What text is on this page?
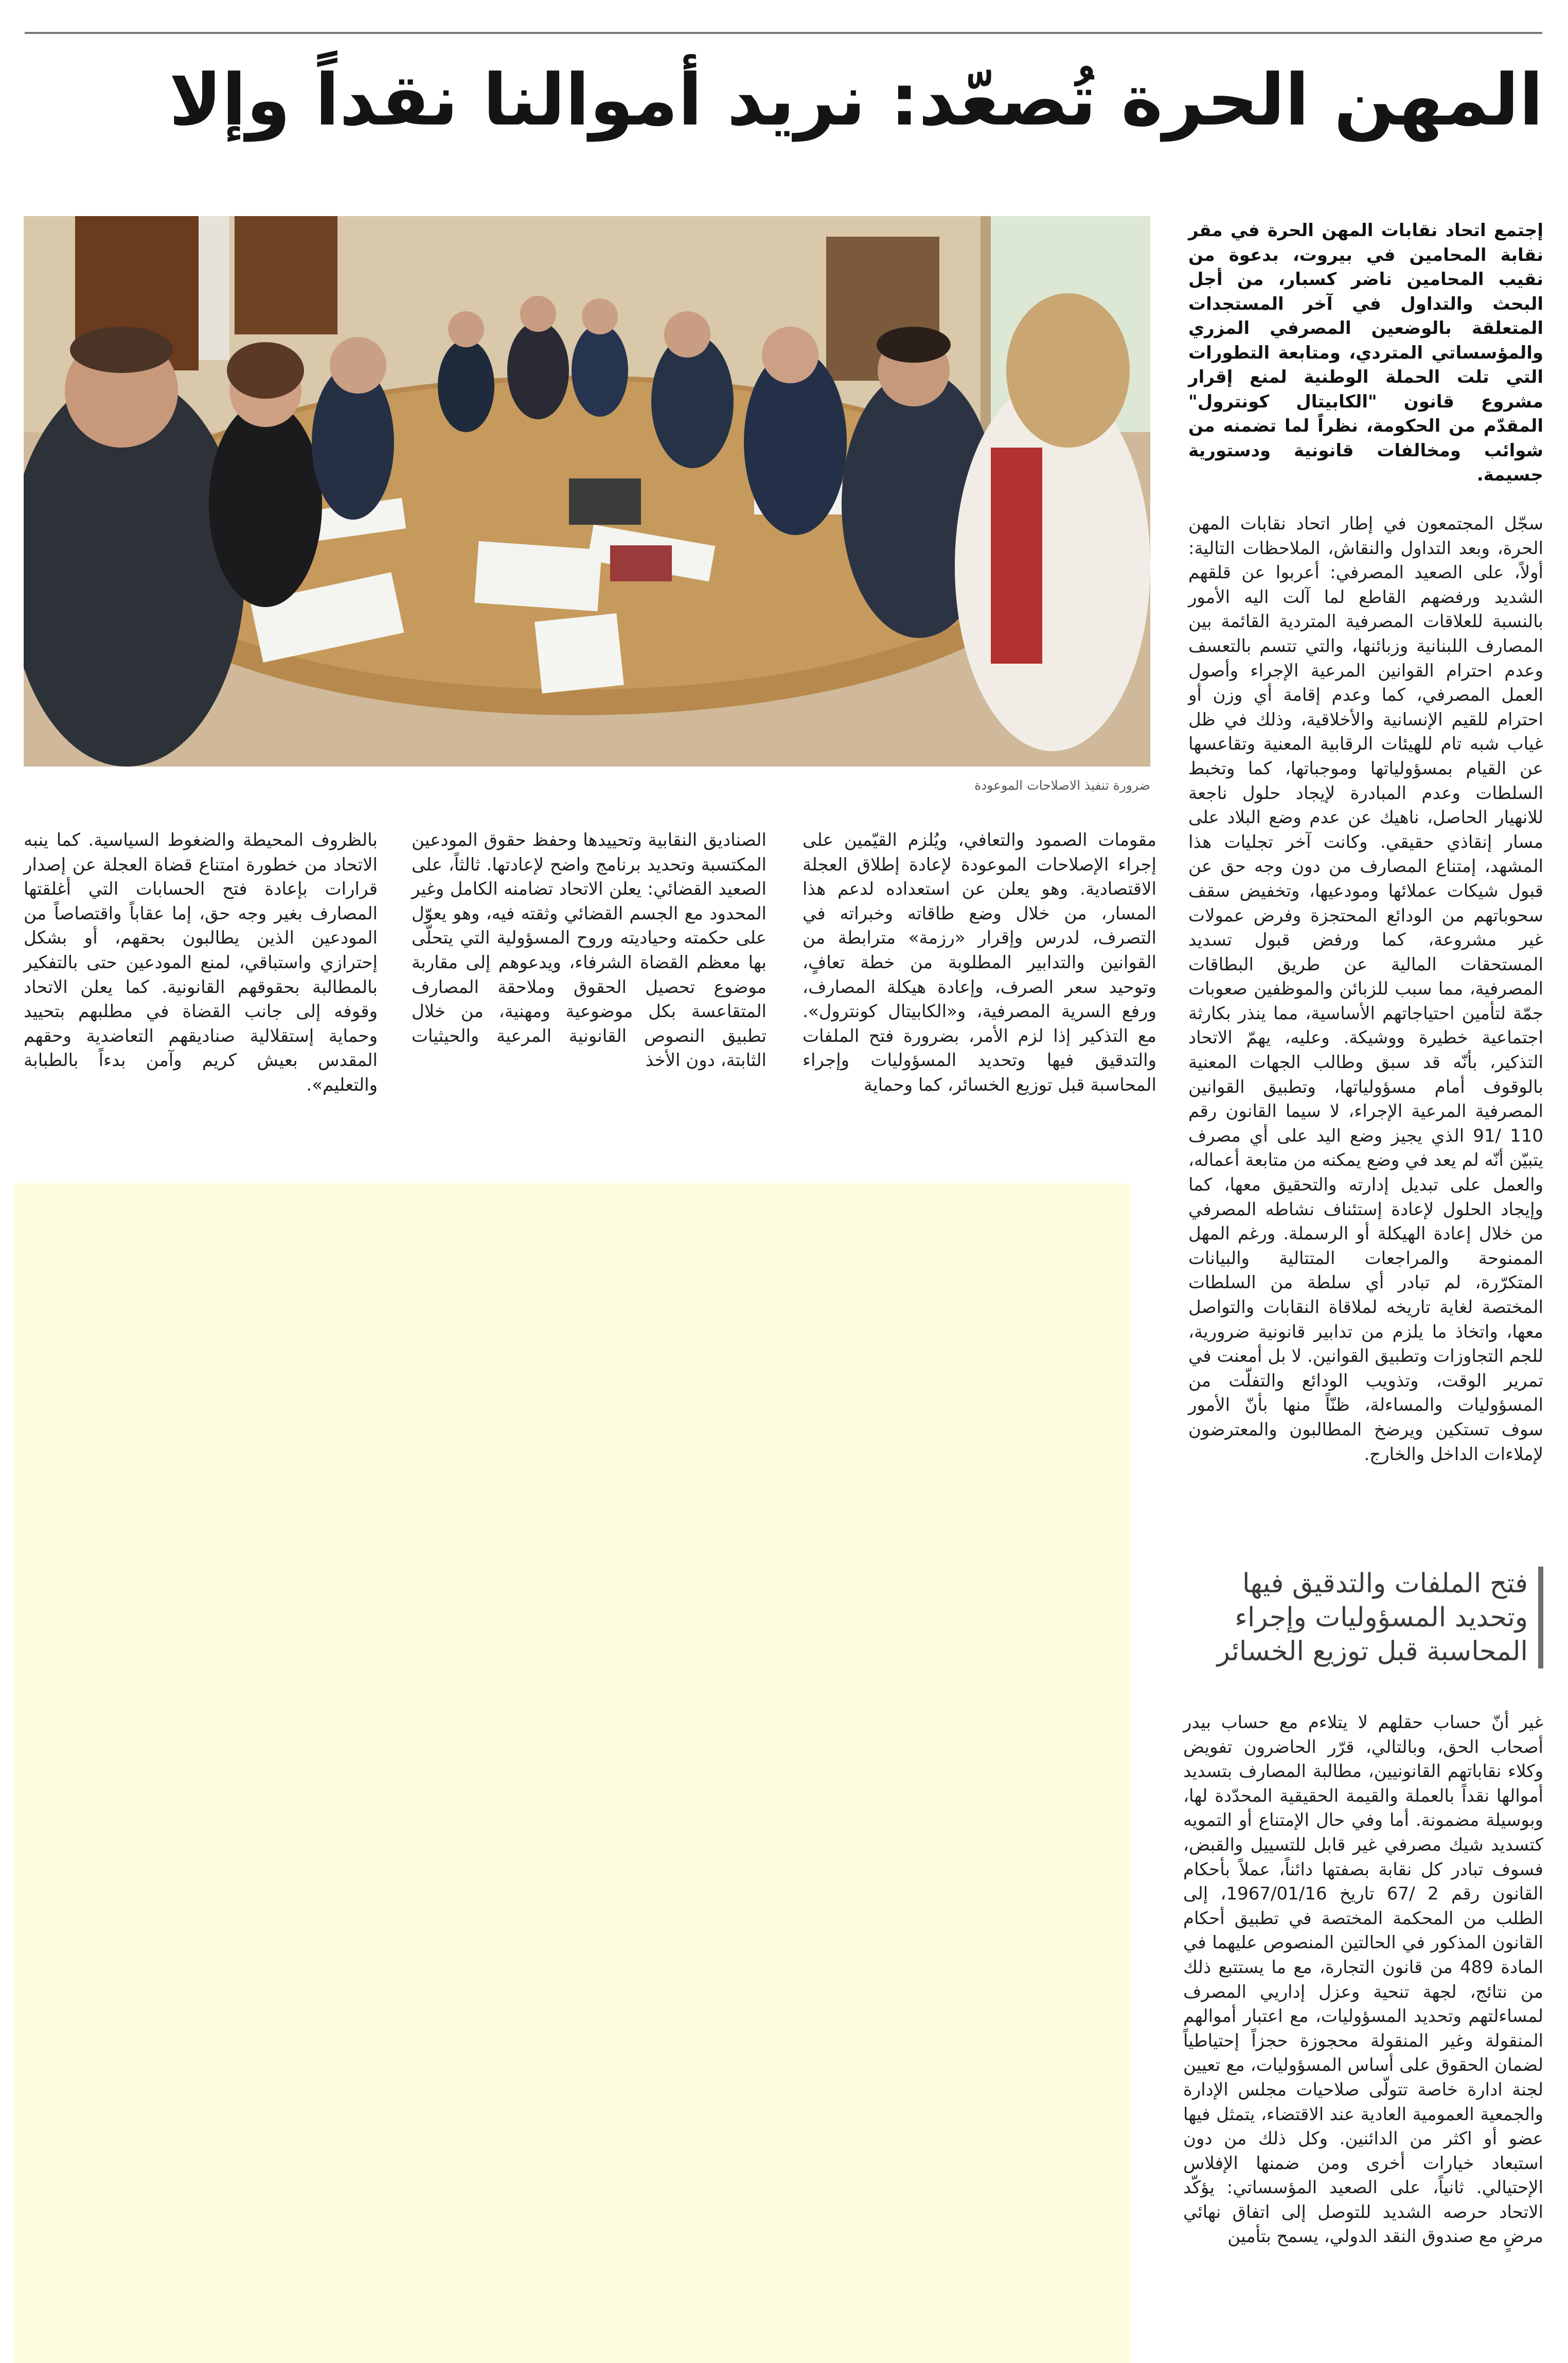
المهن الحرة تُصعّد: نريد أموالنا نقداً وإلا
ضرورة تنفيذ الاصلاحات الموعودة
إجتمع اتحاد نقابات المهن الحرة في مقر نقابة المحامين في بيروت، بدعوة من نقيب المحامين ناضر كسبار، من أجل البحث والتداول في آخر المستجدات المتعلقة بالوضعين المصرفي المزري والمؤسساتي المتردي، ومتابعة التطورات التي تلت الحملة الوطنية لمنع إقرار مشروع قانون "الكابيتال كونترول" المقدّم من الحكومة، نظراً لما تضمنه من شوائب ومخالفات قانونية ودستورية جسيمة.

سجّل المجتمعون في إطار اتحاد نقابات المهن الحرة، وبعد التداول والنقاش، الملاحظات التالية: أولاً، على الصعيد المصرفي: أعربوا عن قلقهم الشديد ورفضهم القاطع لما آلت اليه الأمور بالنسبة للعلاقات المصرفية المتردية القائمة بين المصارف اللبنانية وزبائنها، والتي تتسم بالتعسف وعدم احترام القوانين المرعية الإجراء وأصول العمل المصرفي، كما وعدم إقامة أي وزن أو احترام للقيم الإنسانية والأخلاقية، وذلك في ظل غياب شبه تام للهيئات الرقابية المعنية وتقاعسها عن القيام بمسؤولياتها وموجباتها، كما وتخبط السلطات وعدم المبادرة لإيجاد حلول ناجعة للانهيار الحاصل، ناهيك عن عدم وضع البلاد على مسار إنقاذي حقيقي. وكانت آخر تجليات هذا المشهد، إمتناع المصارف من دون وجه حق عن قبول شيكات عملائها ومودعيها، وتخفيض سقف سحوباتهم من الودائع المحتجزة وفرض عمولات غير مشروعة، كما ورفض قبول تسديد المستحقات المالية عن طريق البطاقات المصرفية، مما سبب للزبائن والموظفين صعوبات جمّة لتأمين احتياجاتهم الأساسية، مما ينذر بكارثة اجتماعية خطيرة ووشيكة. وعليه، يهمّ الاتحاد التذكير، بأنّه قد سبق وطالب الجهات المعنية بالوقوف أمام مسؤولياتها، وتطبيق القوانين المصرفية المرعية الإجراء، لا سيما القانون رقم 110 /91 الذي يجيز وضع اليد على أي مصرف يتبيّن أنّه لم يعد في وضع يمكنه من متابعة أعماله، والعمل على تبديل إدارته والتحقيق معها، كما وإيجاد الحلول لإعادة إستئناف نشاطه المصرفي من خلال إعادة الهيكلة أو الرسملة. ورغم المهل الممنوحة والمراجعات المتتالية والبيانات المتكرّرة، لم تبادر أي سلطة من السلطات المختصة لغاية تاريخه لملاقاة النقابات والتواصل معها، واتخاذ ما يلزم من تدابير قانونية ضرورية، للجم التجاوزات وتطبيق القوانين. لا بل أمعنت في تمرير الوقت، وتذويب الودائع والتفلّت من المسؤوليات والمساءلة، ظنّاً منها بأنّ الأمور سوف تستكين ويرضخ المطالبون والمعترضون لإملاءات الداخل والخارج.

مقومات الصمود والتعافي، ويُلزم القيّمين على إجراء الإصلاحات الموعودة لإعادة إطلاق العجلة الاقتصادية. وهو يعلن عن استعداده لدعم هذا المسار، من خلال وضع طاقاته وخبراته في التصرف، لدرس وإقرار «رزمة» مترابطة من القوانين والتدابير المطلوبة من خطة تعافٍ، وتوحيد سعر الصرف، وإعادة هيكلة المصارف، ورفع السرية المصرفية، و«الكابيتال كونترول». مع التذكير إذا لزم الأمر، بضرورة فتح الملفات والتدقيق فيها وتحديد المسؤوليات وإجراء المحاسبة قبل توزيع الخسائر، كما وحماية

الصناديق النقابية وتحييدها وحفظ حقوق المودعين المكتسبة وتحديد برنامج واضح لإعادتها. ثالثاً، على الصعيد القضائي: يعلن الاتحاد تضامنه الكامل وغير المحدود مع الجسم القضائي وثقته فيه، وهو يعوّل على حكمته وحياديته وروح المسؤولية التي يتحلّى بها معظم القضاة الشرفاء، ويدعوهم إلى مقاربة موضوع تحصيل الحقوق وملاحقة المصارف المتقاعسة بكل موضوعية ومهنية، من خلال تطبيق النصوص القانونية المرعية والحيثيات الثابتة، دون الأخذ

بالظروف المحيطة والضغوط السياسية. كما ينبه الاتحاد من خطورة امتناع قضاة العجلة عن إصدار قرارات بإعادة فتح الحسابات التي أغلقتها المصارف بغير وجه حق، إما عقاباً واقتصاصاً من المودعين الذين يطالبون بحقهم، أو بشكل إحترازي واستباقي، لمنع المودعين حتى بالتفكير بالمطالبة بحقوقهم القانونية. كما يعلن الاتحاد وقوفه إلى جانب القضاة في مطلبهم بتحييد وحماية إستقلالية صناديقهم التعاضدية وحقهم المقدس بعيش كريم وآمن بدءاً بالطبابة والتعليم».

فتح الملفات والتدقيق فيها وتحديد المسؤوليات وإجراء المحاسبة قبل توزيع الخسائر

غير أنّ حساب حقلهم لا يتلاءم مع حساب بيدر أصحاب الحق، وبالتالي، قرّر الحاضرون تفويض وكلاء نقاباتهم القانونيين، مطالبة المصارف بتسديد أموالها نقداً بالعملة والقيمة الحقيقية المحدّدة لها، وبوسيلة مضمونة. أما وفي حال الإمتناع أو التمويه كتسديد شيك مصرفي غير قابل للتسييل والقبض، فسوف تبادر كل نقابة بصفتها دائناً، عملاً بأحكام القانون رقم 2 /67 تاريخ 1967/01/16، إلى الطلب من المحكمة المختصة في تطبيق أحكام القانون المذكور في الحالتين المنصوص عليهما في المادة 489 من قانون التجارة، مع ما يستتبع ذلك من نتائج، لجهة تنحية وعزل إداريي المصرف لمساءلتهم وتحديد المسؤوليات، مع اعتبار أموالهم المنقولة وغير المنقولة محجوزة حجزاً إحتياطياً لضمان الحقوق على أساس المسؤوليات، مع تعيين لجنة ادارة خاصة تتولّى صلاحيات مجلس الإدارة والجمعية العمومية العادية عند الاقتضاء، يتمثل فيها عضو أو اكثر من الدائنين. وكل ذلك من دون استبعاد خيارات أخرى ومن ضمنها الإفلاس الإحتيالي. ثانياً، على الصعيد المؤسساتي: يؤكّد الاتحاد حرصه الشديد للتوصل إلى اتفاق نهائي مرضٍ مع صندوق النقد الدولي، يسمح بتأمين
